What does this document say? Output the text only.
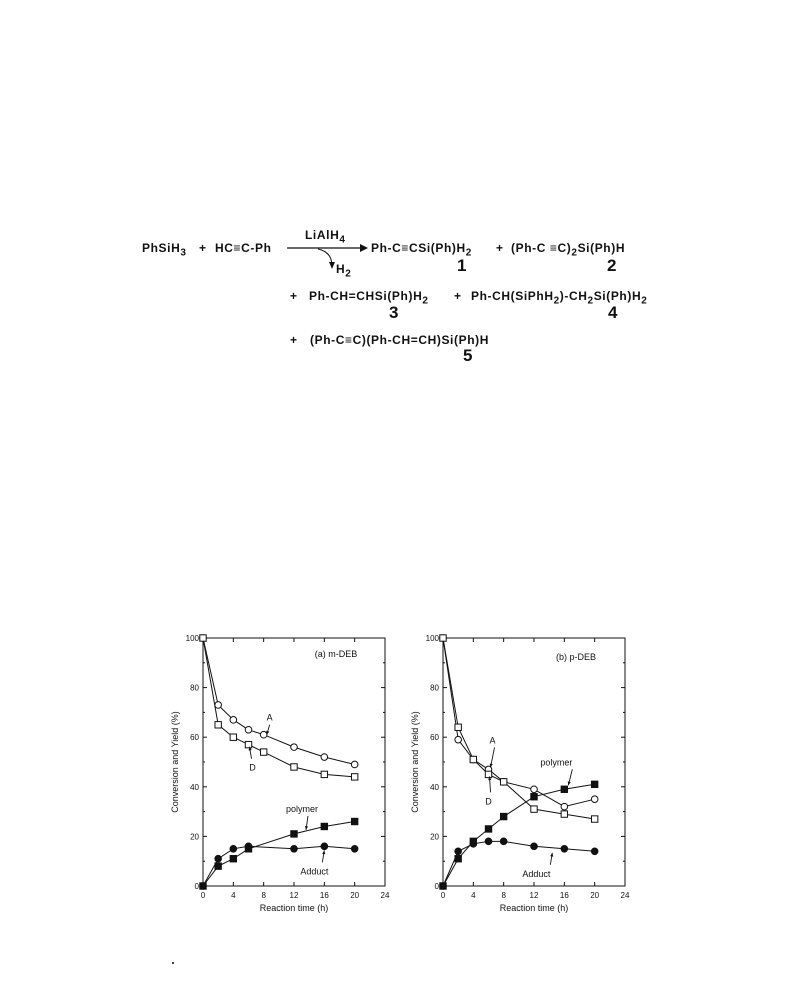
PhSiH$_3$ + HC≡C-Ph
LiAlH$_4$
$H_2$
$Ph-C\equiv CSi(Ph)H_2$
1
+ $(Ph-C \equiv C)_2Si(Ph)H$
2
+ $Ph-CH=CHSi(Ph)H_2$
3
+ $Ph-CH(SiPhH_2)-CH_2Si(Ph)H_2$
4
+ (Ph-C≡C)(Ph-CH=CH)Si(Ph)H
5
0	4	8	12	16	20	24
0
20
40
60
80
100
Reaction time (h)
Conversion and Yield (%)
(a) m-DEB
A
D
polymer
Adduct
0	4	8	12	16	20	24
0
20
40
60
80
100
Reaction time (h)
Conversion and Yield (%)
(b) p-DEB
A
D
polymer
Adduct
